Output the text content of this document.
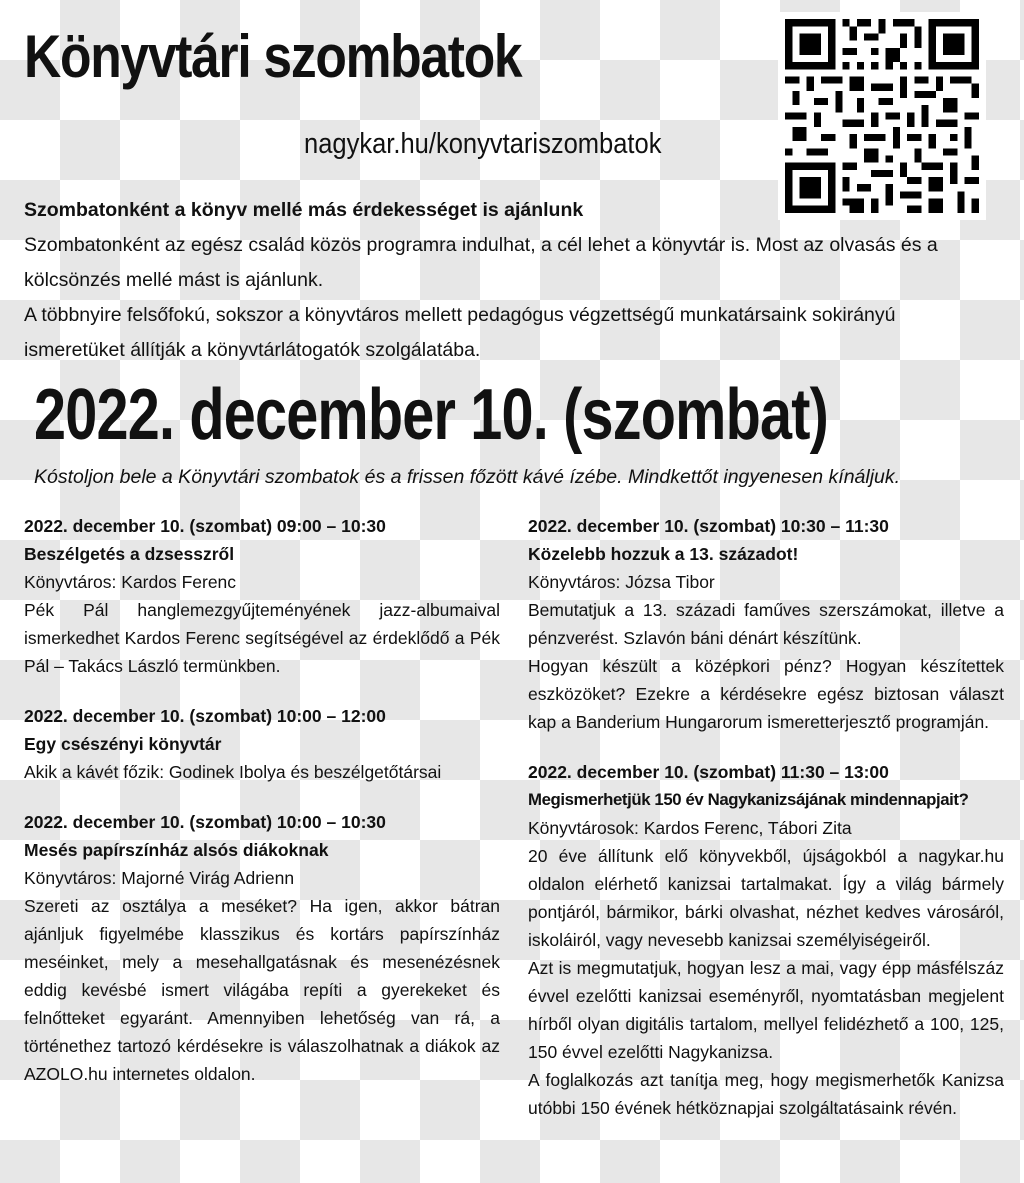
Könyvtári szombatok
nagykar.hu/konyvtariszombatok
Szombatonként a könyv mellé más érdekességet is ajánlunk

Szombatonként az egész család közös programra indulhat, a cél lehet a könyvtár is. Most az olvasás és a kölcsönzés mellé mást is ajánlunk.

A többnyire felsőfokú, sokszor a könyvtáros mellett pedagógus végzettségű munkatársaink sokirányú ismeretüket állítják a könyvtárlátogatók szolgálatába.

2022. december 10. (szombat)
Kóstoljon bele a Könyvtári szombatok és a frissen főzött kávé ízébe. Mindkettőt ingyenesen kínáljuk.
2022. december 10. (szombat) 09:00 – 10:30
Beszélgetés a dzsesszről
Könyvtáros: Kardos Ferenc

Pék Pál hanglemezgyűjteményének jazz-albumaival ismerkedhet Kardos Ferenc segítségével az érdeklődő a Pék Pál – Takács László termünkben.

2022. december 10. (szombat) 10:00 – 12:00
Egy csészényi könyvtár
Akik a kávét főzik: Godinek Ibolya és beszélgetőtársai
2022. december 10. (szombat) 10:00 – 10:30
Mesés papírszínház alsós diákoknak
Könyvtáros: Majorné Virág Adrienn

Szereti az osztálya a meséket? Ha igen, akkor bátran ajánljuk figyelmébe klasszikus és kortárs papírszínház meséinket, mely a mesehallgatásnak és mesenézésnek eddig kevésbé ismert világába repíti a gyerekeket és felnőtteket egyaránt. Amennyiben lehetőség van rá, a történethez tartozó kérdésekre is válaszolhatnak a diákok az AZOLO.hu internetes oldalon.

2022. december 10. (szombat) 10:30 – 11:30
Közelebb hozzuk a 13. századot!
Könyvtáros: Józsa Tibor

Bemutatjuk a 13. századi faműves szerszámokat, illetve a pénzverést. Szlavón báni dénárt készítünk.

Hogyan készült a középkori pénz? Hogyan készítettek eszközöket? Ezekre a kérdésekre egész biztosan választ kap a Banderium Hungarorum ismeretterjesztő programján.

2022. december 10. (szombat) 11:30 – 13:00
Megismerhetjük 150 év Nagykanizsájának mindennapjait?
Könyvtárosok: Kardos Ferenc, Tábori Zita

20 éve állítunk elő könyvekből, újságokból a nagykar.hu oldalon elérhető kanizsai tartalmakat. Így a világ bármely pontjáról, bármikor, bárki olvashat, nézhet kedves városáról, iskoláiról, vagy nevesebb kanizsai személyiségeiről.

Azt is megmutatjuk, hogyan lesz a mai, vagy épp másfélszáz évvel ezelőtti kanizsai eseményről, nyomtatásban megjelent hírből olyan digitális tartalom, mellyel felidézhető a 100, 125, 150 évvel ezelőtti Nagykanizsa.

A foglalkozás azt tanítja meg, hogy megismerhetők Kanizsa utóbbi 150 évének hétköznapjai szolgáltatásaink révén.
